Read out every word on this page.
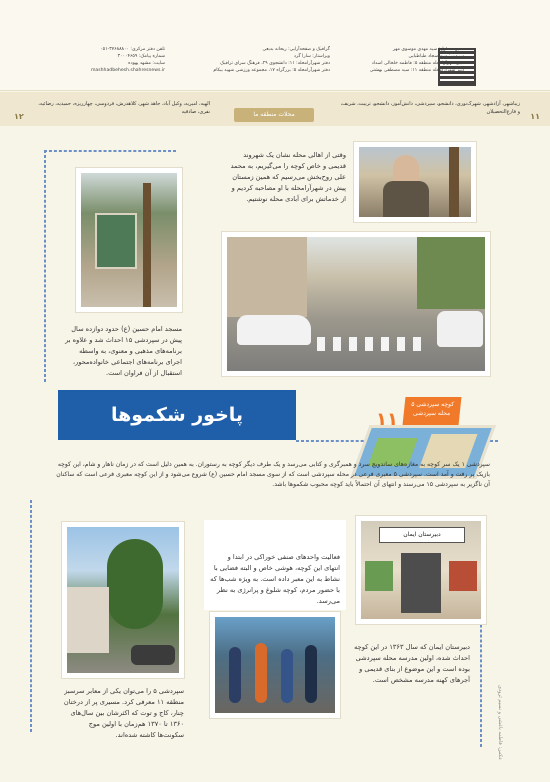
مدیر مسئول: سید مهدی موسوی مهر
سردبیر: سید سجاد طباطبایی
دبیر شهرآرامحله منطقه ۵: فاطمه خلخالی اسداد
دبیر شهرآرامحله منطقه ۱۱: سید مصطفی بهشتی
گرافیک و صفحه‌آرایی: ریحانه بدیعی
ویراستار: سارا گرد
دفتر شهرآرامحله: ۱۱: دانشجوی ۲۹، فرهنگ سرای ترافیک
دفتر شهرآرامحله ۵: بزرگراه ۱۷، مجموعه ورزشی شهید بیکام
تلفن دفتر مرکزی: ۳۷۶۸۸۸۰۰-۰۵۱
شماره پیامک: ۳۰۰۰۴۶۵۹
سایت: مشهد پهوده
mashhadbehesh.shahresnews.ir
زیبا‌شهر، آزادشهر، شهرک‌نوری، دانشجو، سپردشی، دانش‌آموز، دانشجو، تربیت، شریف، و فارغ‌التحصیلان
الهیه، امیریه، وکیل آباد، جاهد شهر، کلاهدرش، فردوسی، چهارریزه، حمیدیه، رضائیه، نفری، صادقیه	محلات منطقه ما	۱۱
۱۲
وقتی از اهالی محله نشان یک شهروند قدیمی و خاص کوچه را می‌گیریم، به محمد علی روح‌بخش می‌رسیم که همین زمستان پیش در شهرآرامحله با او مصاحبه کردیم و از خدماتش برای آبادی محله نوشتیم.
مسجد امام حسین (ع) حدود دوازده سال پیش در سپردشی ۱۵ احداث شد و علاوه بر برنامه‌های مذهبی و معنوی، به واسطه اجرای برنامه‌های اجتماعی خانواده‌محور، استقبال از آن فراوان است.
پاخور شکموها	کوچه سپردشی ۵
محله سپردشی
۱۱
سپردشی ۱ یک سر کوچه به مغازه‌های ساندویچ سرد و همبرگری و کتابی می‌رسد و یک طرف دیگر کوچه به رستوران. به همین دلیل است که در زمان ناهار و شام، این کوچه بازیک پر رفت و آمد است. سپردشی ۵ معبری فرعی در محله سپردشی است که از سوی مسجد امام حسین (ع) شروع می‌شود و از این کوچه معبری فرعی است که ساکنان آن ناگزیر به سپردشی ۱۵ می‌رسند و انتهای آن احتمالاً باید کوچه محبوب شکموها باشد.
سپردشی ۵ را می‌توان یکی از معابر سرسبز منطقه ۱۱ معرفی کرد. مسیری پر از درختان چنار، کاج و توت که اکثرشان بین سال‌های ۱۳۶۰ تا ۱۳۷۰ هم‌زمان با اولین موج سکونت‌ها کاشته شده‌اند.
فعالیت واحدهای صنفی خوراکی در ابتدا و انتهای این کوچه، هوشی خاص و البته فضایی با نشاط به این معبر داده است. به ویژه شب‌ها که با حضور مردم، کوچه شلوغ و پرانرژی به نظر می‌رسد.
دبیرستان ایمان
دبیرستان ایمان که سال ۱۳۶۳ در این کوچه احداث شده، اولین مدرسه محله سپردشی بوده است و این موضوع از بنای قدیمی و آجرهای کهنه مدرسه مشخص است.
عکس: فاطمه باغشی و نسیم ثرودی
